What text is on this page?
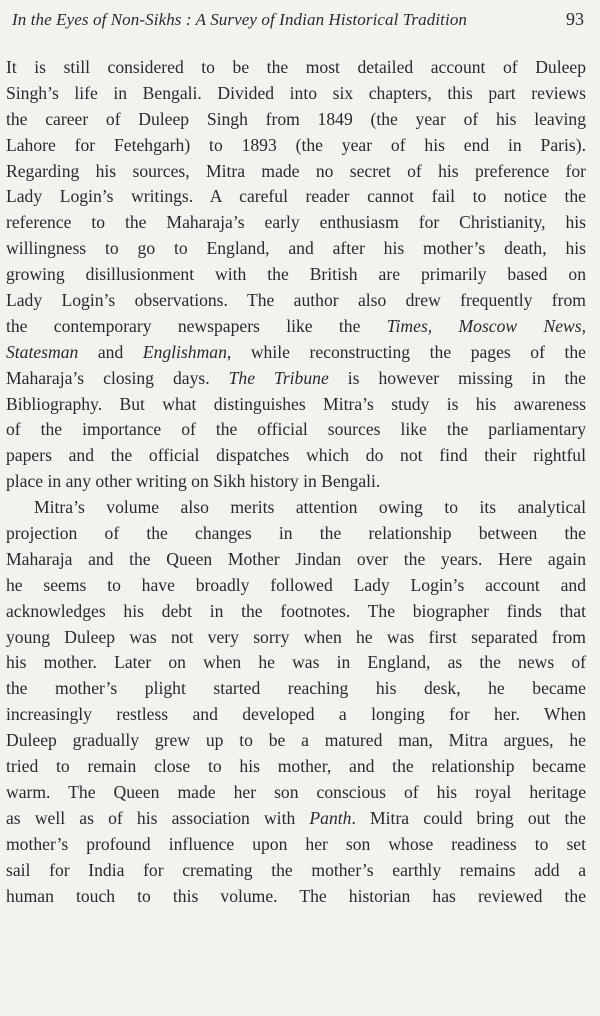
In the Eyes of Non-Sikhs : A Survey of Indian Historical Tradition	93
It is still considered to be the most detailed account of Duleep
Singh’s life in Bengali. Divided into six chapters, this part reviews
the career of Duleep Singh from 1849 (the year of his leaving
Lahore for Fetehgarh) to 1893 (the year of his end in Paris).
Regarding his sources, Mitra made no secret of his preference for
Lady Login’s writings. A careful reader cannot fail to notice the
reference to the Maharaja’s early enthusiasm for Christianity, his
willingness to go to England, and after his mother’s death, his
growing disillusionment with the British are primarily based on
Lady Login’s observations. The author also drew frequently from
the contemporary newspapers like the Times, Moscow News,
Statesman and Englishman, while reconstructing the pages of the
Maharaja’s closing days. The Tribune is however missing in the
Bibliography. But what distinguishes Mitra’s study is his awareness
of the importance of the official sources like the parliamentary
papers and the official dispatches which do not find their rightful
place in any other writing on Sikh history in Bengali.
Mitra’s volume also merits attention owing to its analytical
projection of the changes in the relationship between the
Maharaja and the Queen Mother Jindan over the years. Here again
he seems to have broadly followed Lady Login’s account and
acknowledges his debt in the footnotes. The biographer finds that
young Duleep was not very sorry when he was first separated from
his mother. Later on when he was in England, as the news of
the mother’s plight started reaching his desk, he became
increasingly restless and developed a longing for her. When
Duleep gradually grew up to be a matured man, Mitra argues, he
tried to remain close to his mother, and the relationship became
warm. The Queen made her son conscious of his royal heritage
as well as of his association with Panth. Mitra could bring out the
mother’s profound influence upon her son whose readiness to set
sail for India for cremating the mother’s earthly remains add a
human touch to this volume. The historian has reviewed the
